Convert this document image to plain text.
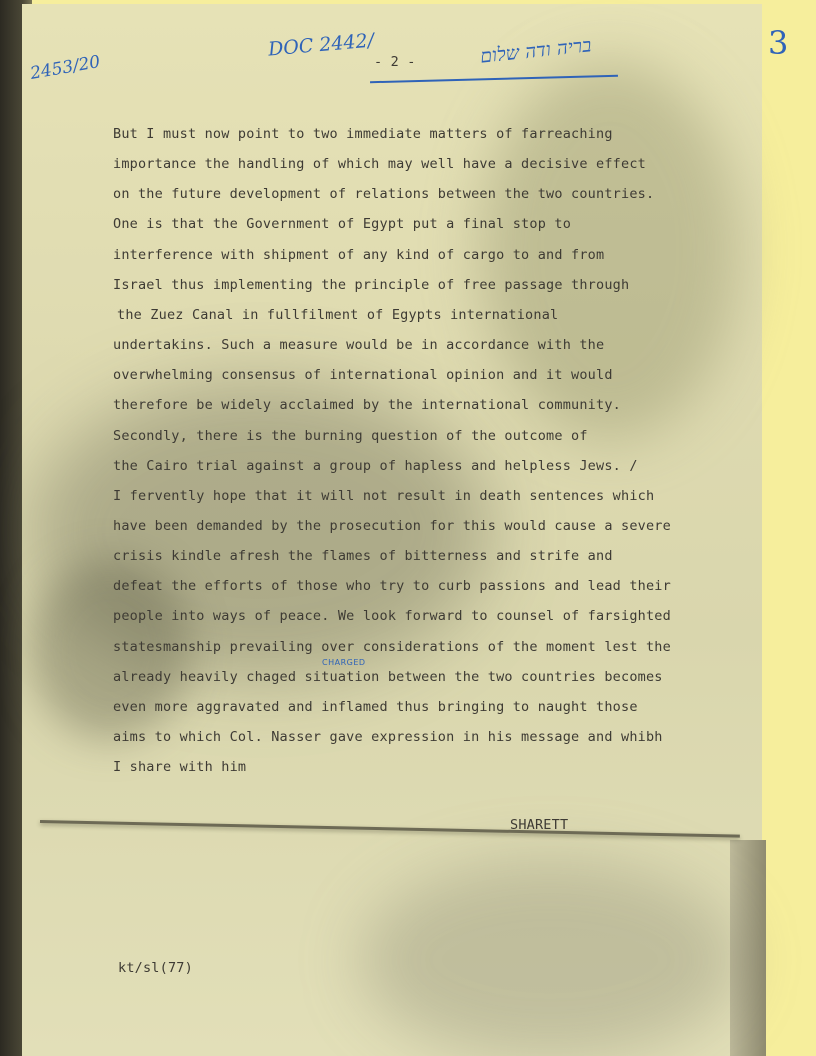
2453/20
DOC 2442/	בריה ודה שלום	3
- 2 -
But I must now point to two immediate matters of farreaching
importance the handling of which may well have a decisive effect
on the future development of relations between the two countries.
One is that the Government of Egypt put a final stop to
interference with shipment of any kind of cargo to and from
Israel thus implementing the principle of free passage through
the Zuez Canal in fullfilment of Egypts international
undertakins. Such a measure would be in accordance with the
overwhelming consensus of international opinion and it would
therefore be widely acclaimed by the international community.
Secondly, there is the burning question of the outcome of
the Cairo trial against a group of hapless and helpless Jews. /
I fervently hope that it will not result in death sentences which
have been demanded by the prosecution for this would cause a severe
crisis kindle afresh the flames of bitterness and strife and
defeat the efforts of those who try to curb passions and lead their
people into ways of peace. We look forward to counsel of farsighted
statesmanship prevailing over considerations of the moment lest the
already heavily chaged situation between the two countries becomes
even more aggravated and inflamed thus bringing to naught those
aims to which Col. Nasser gave expression in his message and whibh
I share with him
CHARGED
SHARETT
kt/sl(77)
